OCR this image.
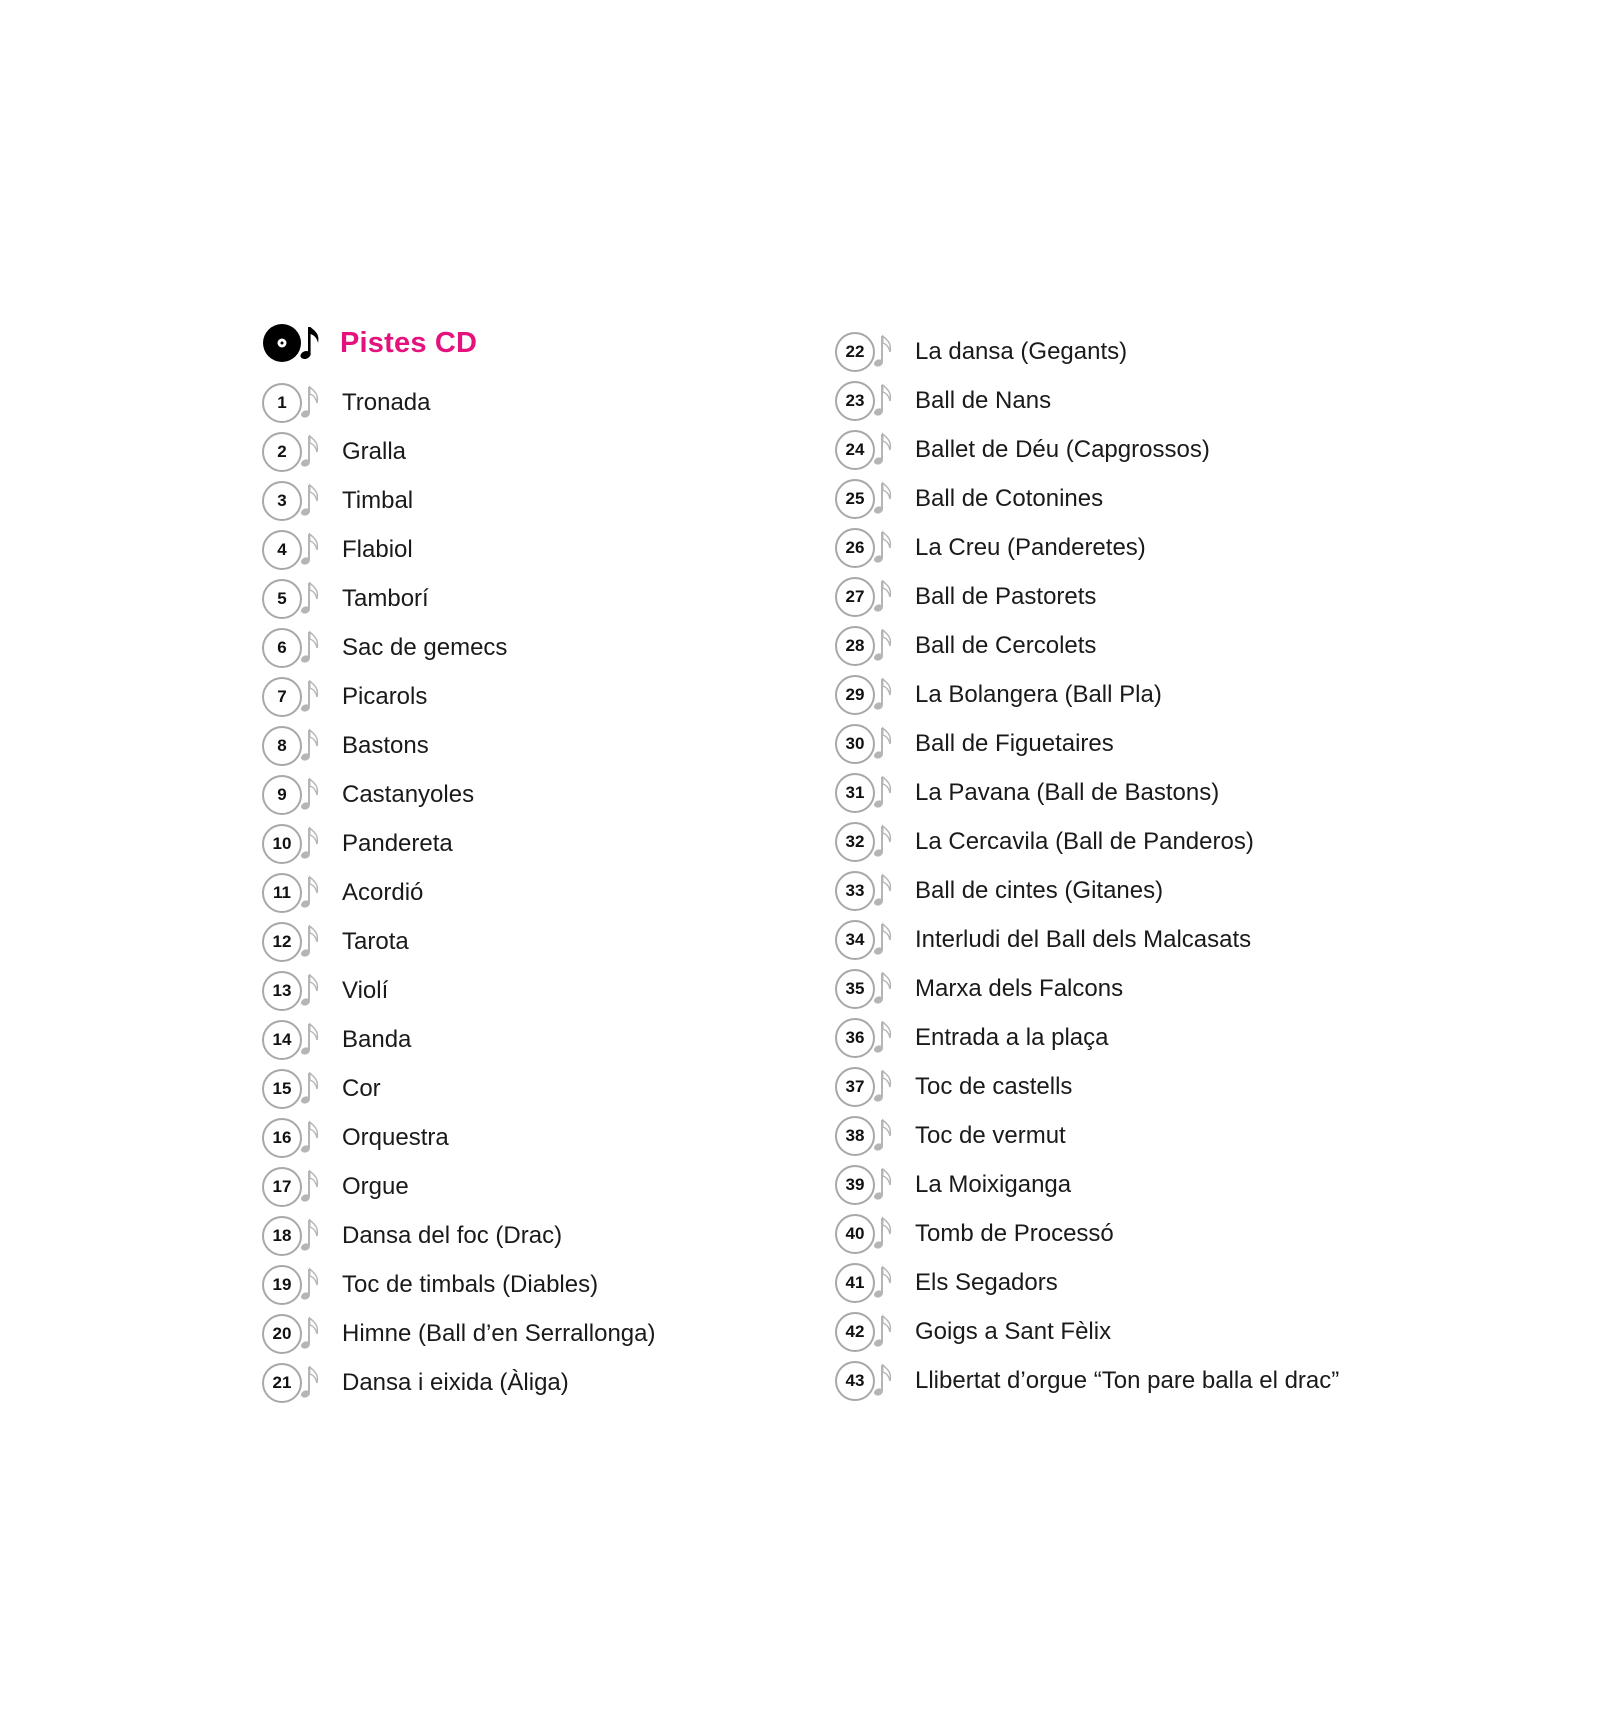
Pistes CD
1	Tronada
2	Gralla
3	Timbal
4	Flabiol
5	Tamborí
6	Sac de gemecs
7	Picarols
8	Bastons
9	Castanyoles
10	Pandereta
11	Acordió
12	Tarota
13	Violí
14	Banda
15	Cor
16	Orquestra
17	Orgue
18	Dansa del foc (Drac)
19	Toc de timbals (Diables)
20	Himne (Ball d’en Serrallonga)
21	Dansa i eixida (Àliga)
22	La dansa (Gegants)
23	Ball de Nans
24	Ballet de Déu (Capgrossos)
25	Ball de Cotonines
26	La Creu (Panderetes)
27	Ball de Pastorets
28	Ball de Cercolets
29	La Bolangera (Ball Pla)
30	Ball de Figuetaires
31	La Pavana (Ball de Bastons)
32	La Cercavila (Ball de Panderos)
33	Ball de cintes (Gitanes)
34	Interludi del Ball dels Malcasats
35	Marxa dels Falcons
36	Entrada a la plaça
37	Toc de castells
38	Toc de vermut
39	La Moixiganga
40	Tomb de Processó
41	Els Segadors
42	Goigs a Sant Fèlix
43	Llibertat d’orgue “Ton pare balla el drac”
